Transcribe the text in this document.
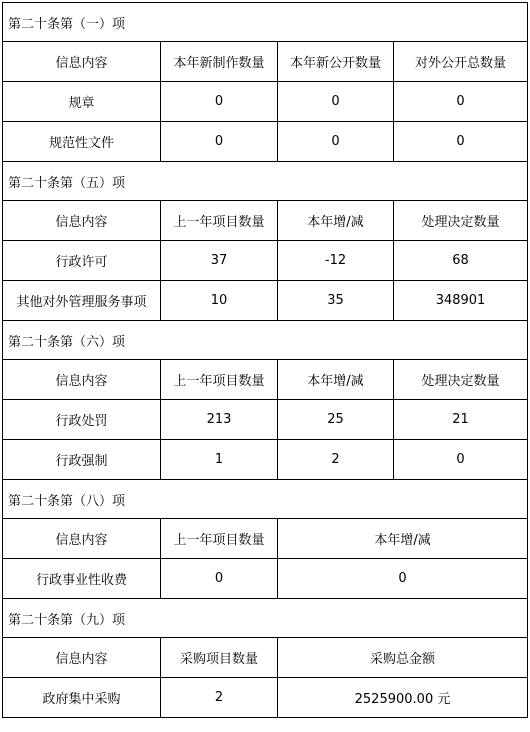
第二十条第（一）项			
信息内容	本年新制作数量	本年新公开数量	对外公开总数量
规章	0	0	0
规范性文件	0	0	0
第二十条第（五）项			
信息内容	上一年项目数量	本年增/减	处理决定数量
行政许可	37	-12	68
其他对外管理服务事项	10	35	348901
第二十条第（六）项			
信息内容	上一年项目数量	本年增/减	处理决定数量
行政处罚	213	25	21
行政强制	1	2	0
第二十条第（八）项			
信息内容	上一年项目数量	本年增/减	
行政事业性收费	0	0	
第二十条第（九）项			
信息内容	采购项目数量	采购总金额	
政府集中采购	2	2525900.00 元	
